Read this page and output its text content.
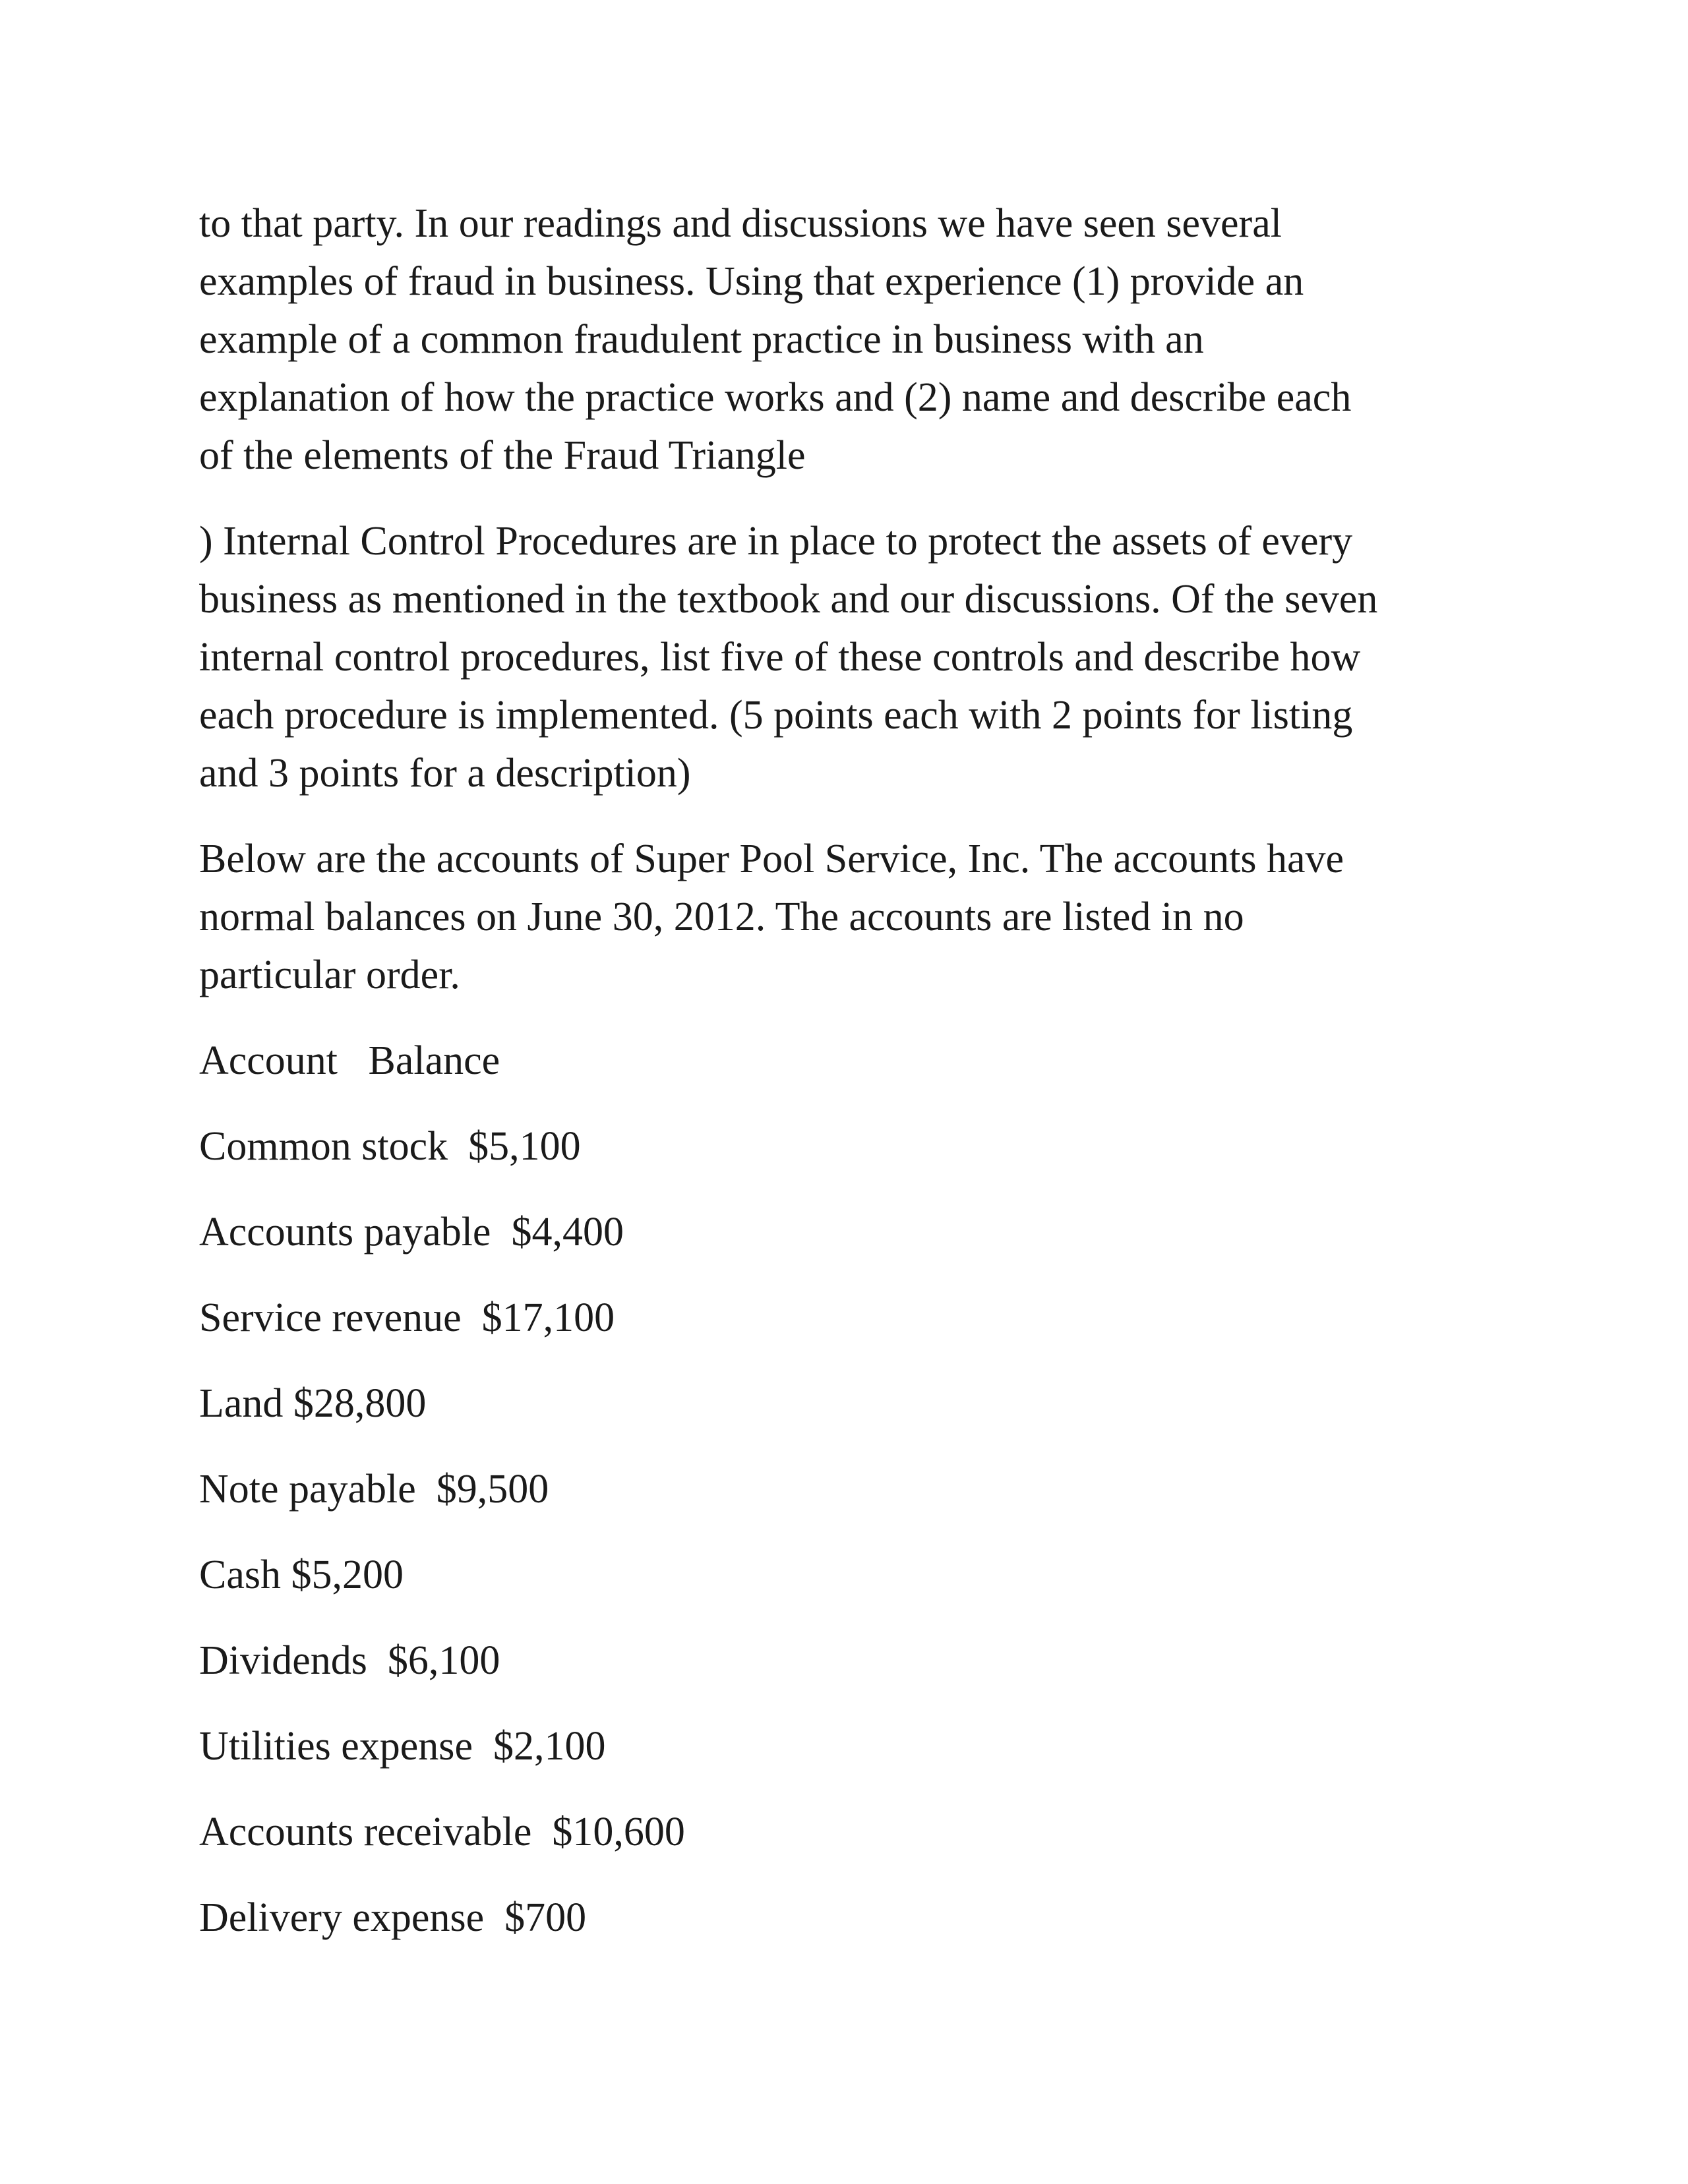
to that party. In our readings and discussions we have seen several
examples of fraud in business. Using that experience (1) provide an
example of a common fraudulent practice in business with an
explanation of how the practice works and (2) name and describe each
of the elements of the Fraud Triangle

) Internal Control Procedures are in place to protect the assets of every
business as mentioned in the textbook and our discussions. Of the seven
internal control procedures, list five of these controls and describe how
each procedure is implemented. (5 points each with 2 points for listing
and 3 points for a description)

Below are the accounts of Super Pool Service, Inc. The accounts have
normal balances on June 30, 2012. The accounts are listed in no
particular order.

Account   Balance

Common stock  $5,100

Accounts payable  $4,400

Service revenue  $17,100

Land $28,800

Note payable  $9,500

Cash $5,200

Dividends  $6,100

Utilities expense  $2,100

Accounts receivable  $10,600

Delivery expense  $700
